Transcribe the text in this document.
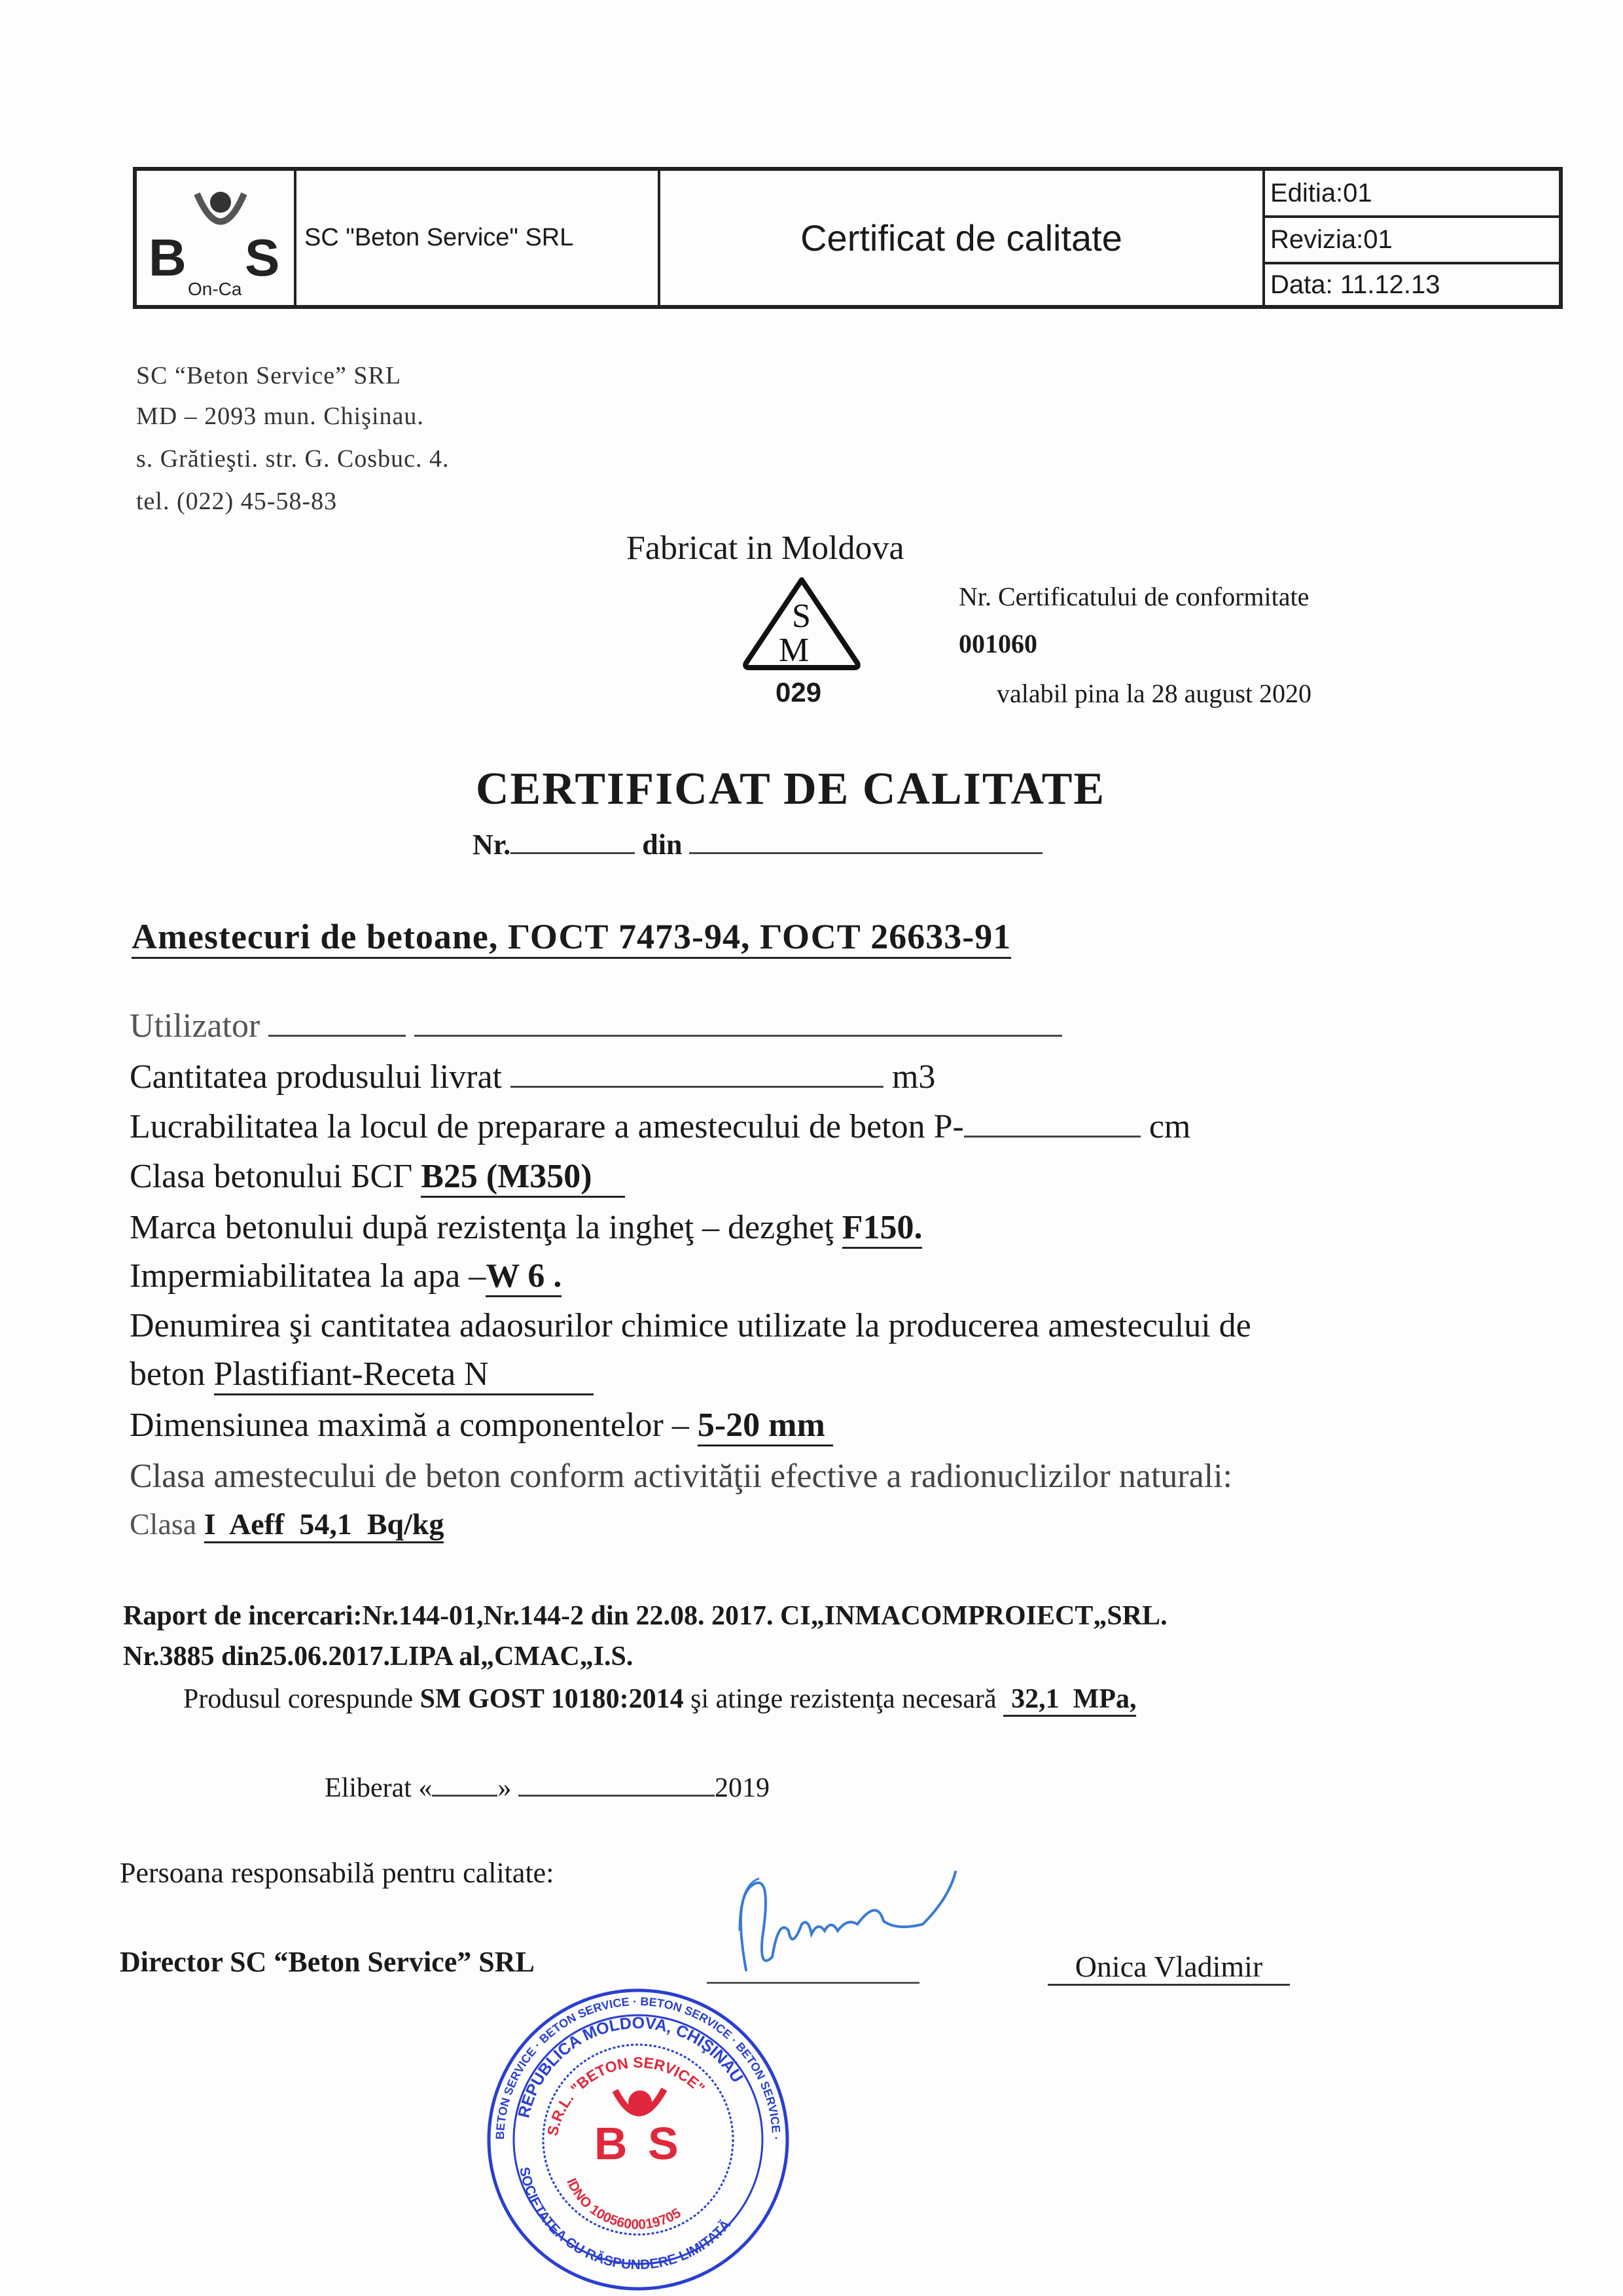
B S
On-Ca
SC "Beton Service" SRL	Certificat de calitate
Editia:01
Revizia:01
Data: 11.12.13
SC “Beton Service” SRL
MD – 2093 mun. Chişinau.
s. Grătieşti. str. G. Cosbuc. 4.
tel. (022) 45-58-83
Fabricat in Moldova
S
M
029
Nr. Certificatului de conformitate
001060
valabil pina la 28 august 2020
CERTIFICAT DE CALITATE
Nr.	din
Amestecuri de betoane, ГОСТ 7473-94, ГОСТ 26633-91
Utilizator
Cantitatea produsului livrat	m3
Lucrabilitatea la locul de preparare a amestecului de beton P-	cm
Clasa betonului БСГ B25 (M350)
Marca betonului după rezistenţa la ingheţ – dezgheţ F150.
Impermiabilitatea la apa –W 6 .
Denumirea şi cantitatea adaosurilor chimice utilizate la producerea amestecului de
beton Plastifiant-Receta N
Dimensiunea maximă a componentelor – 5-20 mm
Clasa amestecului de beton conform activităţii efective a radionuclizilor naturali:
Clasa I  Aeff  54,1  Bq/kg
Raport de incercari:Nr.144-01,Nr.144-2 din 22.08. 2017. CI„INMACOMPROIECT„SRL.
Nr.3885 din25.06.2017.LIPA al„CMAC„I.S.
Produsul corespunde SM GOST 10180:2014 şi atinge rezistenţa necesară 32,1  MPa,
Eliberat « »	2019
Persoana responsabilă pentru calitate:
Director SC “Beton Service” SRL	Onica Vladimir
BETON SERVICE · BETON SERVICE · BETON SERVICE · BETON SERVICE ·
REPUBLICA MOLDOVA, CHIŞINĂU
SOCIETATEA CU RĂSPUNDERE LIMITATĂ
S.R.L. "BETON SERVICE"
IDNO 1005600019705
B S
